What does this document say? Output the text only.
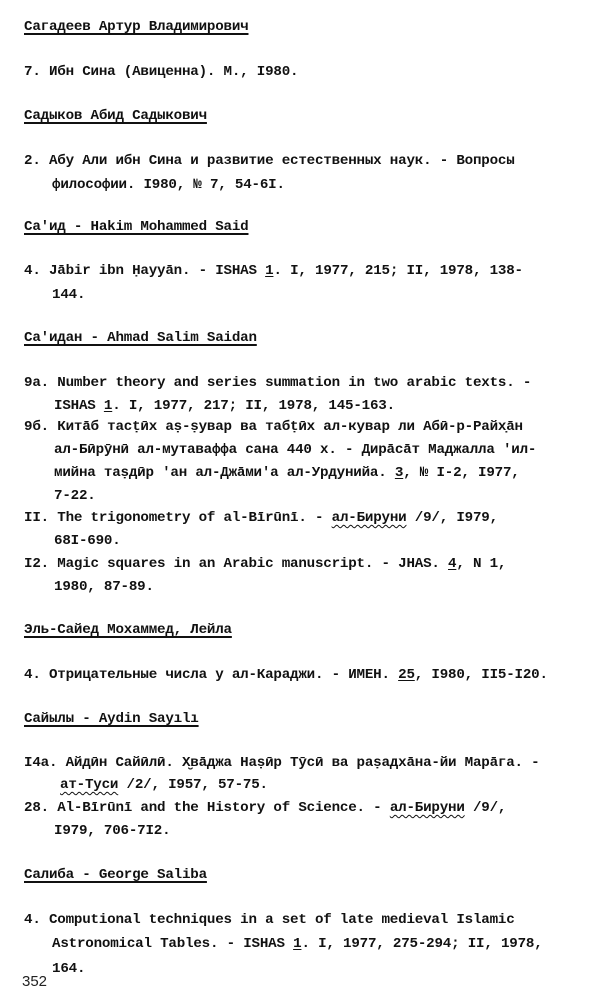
Сагадеев Артур Владимирович
7. Ибн Сина (Авиценна). М., I980.
Садыков Абид Садыкович
2. Абу Али ибн Сина и развитие естественных наук. - Вопросы
философии. I980, № 7, 54-6I.
Са'ид - Hakim Mohammed Said
4. Jābir ibn Ḥayyān. - ISHAS 1. I, 1977, 215; II, 1978, 138-
144.
Са'идан - Ahmad Salim Saidan
9а. Number theory and series summation in two arabic texts. -
ISHAS 1. I, 1977, 217; II, 1978, 145-163.
9б. Китāб тасṭӣх аṣ-ṣувар ва табṭӣх ал-кувар ли Абӣ-р-Райх̣āн
ал-Бӣрӯнӣ ал-мутаваффа сана 440 х. - Дирāсāт Маджалла 'ил-
мийна таṣдӣр 'ан ал-Джāми'а ал-Урдунийа. 3, № I-2, I977,
7-22.
II. The trigonometry of al-Bīrūnī. - ал-Бируни /9/, I979,
68I-690.
I2. Magic squares in an Arabic manuscript. - JHAS. 4, N 1,
1980, 87-89.
Эль-Сайед Мохаммед, Лейла
4. Отрицательные числа у ал-Караджи. - ИМЕН. 25, I980, II5-I20.
Сайылы - Aydin Sayılı
I4а. Айдӣн Сайӣлӣ. Х̮вāджа Наṣӣр Тӯсӣ ва раṣадхāна-йи Марāга. -
ат-Туси /2/, I957, 57-75.
28. Al-Bīrūnī and the History of Science. - ал-Бируни /9/,
I979, 706-7I2.
Салиба - George Saliba
4. Computional techniques in a set of late medieval Islamic
Astronomical Tables. - ISHAS 1. I, 1977, 275-294; II, 1978,
164.
352
